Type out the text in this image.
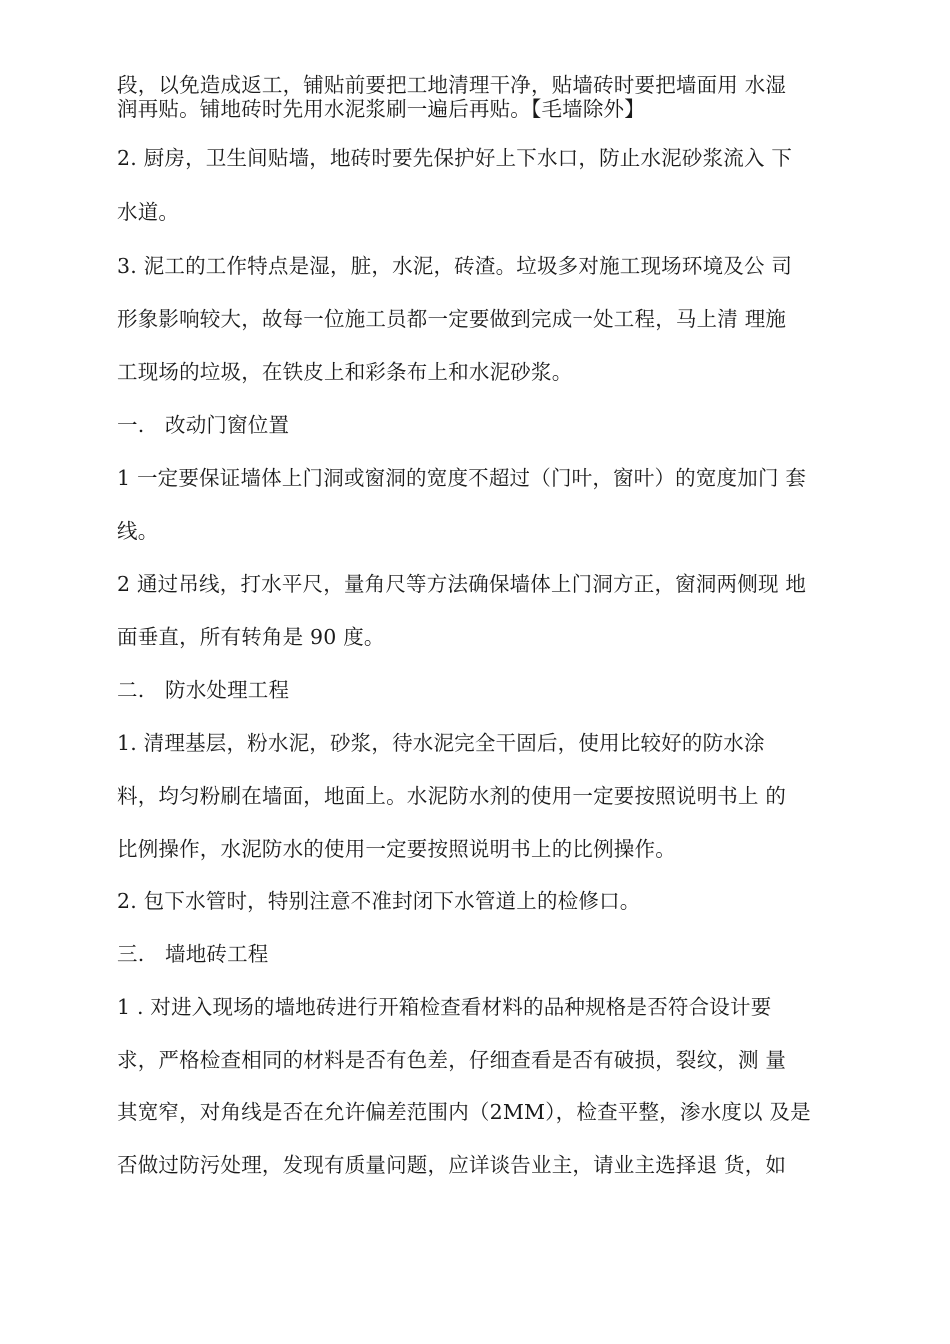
段，以免造成返工，铺贴前要把工地清理干净，贴墙砖时要把墙面用 水湿
润再贴。铺地砖时先用水泥浆刷一遍后再贴。【毛墙除外】
2. 厨房，卫生间贴墙，地砖时要先保护好上下水口，防止水泥砂浆流入 下
水道。
3. 泥工的工作特点是湿，脏，水泥，砖渣。垃圾多对施工现场环境及公 司
形象影响较大，故每一位施工员都一定要做到完成一处工程，马上清 理施
工现场的垃圾，在铁皮上和彩条布上和水泥砂浆。
一. 改动门窗位置
1 一定要保证墙体上门洞或窗洞的宽度不超过（门叶，窗叶）的宽度加门 套
线。
2 通过吊线，打水平尺，量角尺等方法确保墙体上门洞方正，窗洞两侧现 地
面垂直，所有转角是 90 度。
二. 防水处理工程
1. 清理基层，粉水泥，砂浆，待水泥完全干固后，使用比较好的防水涂
料，均匀粉刷在墙面，地面上。水泥防水剂的使用一定要按照说明书上 的
比例操作，水泥防水的使用一定要按照说明书上的比例操作。
2. 包下水管时，特别注意不准封闭下水管道上的检修口。
三. 墙地砖工程
1 . 对进入现场的墙地砖进行开箱检查看材料的品种规格是否符合设计要
求，严格检查相同的材料是否有色差，仔细查看是否有破损，裂纹，测 量
其宽窄，对角线是否在允许偏差范围内（2MM），检查平整，渗水度以 及是
否做过防污处理，发现有质量问题，应详谈告业主，请业主选择退 货，如
